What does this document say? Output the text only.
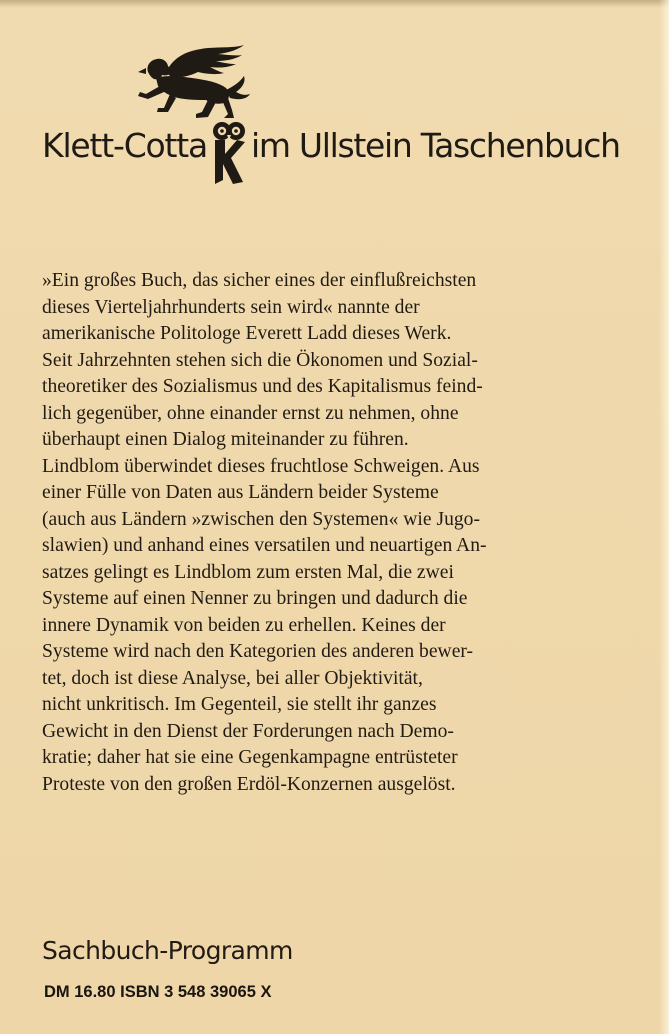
Klett-Cotta im Ullstein Taschenbuch
»Ein großes Buch, das sicher eines der einflußreichsten
dieses Vierteljahrhunderts sein wird« nannte der
amerikanische Politologe Everett Ladd dieses Werk.
Seit Jahrzehnten stehen sich die Ökonomen und Sozial-
theoretiker des Sozialismus und des Kapitalismus feind-
lich gegenüber, ohne einander ernst zu nehmen, ohne
überhaupt einen Dialog miteinander zu führen.
Lindblom überwindet dieses fruchtlose Schweigen. Aus
einer Fülle von Daten aus Ländern beider Systeme
(auch aus Ländern »zwischen den Systemen« wie Jugo-
slawien) und anhand eines versatilen und neuartigen An-
satzes gelingt es Lindblom zum ersten Mal, die zwei
Systeme auf einen Nenner zu bringen und dadurch die
innere Dynamik von beiden zu erhellen. Keines der
Systeme wird nach den Kategorien des anderen bewer-
tet, doch ist diese Analyse, bei aller Objektivität,
nicht unkritisch. Im Gegenteil, sie stellt ihr ganzes
Gewicht in den Dienst der Forderungen nach Demo-
kratie; daher hat sie eine Gegenkampagne entrüsteter
Proteste von den großen Erdöl-Konzernen ausgelöst.
Sachbuch-Programm
DM 16.80 ISBN 3 548 39065 X
